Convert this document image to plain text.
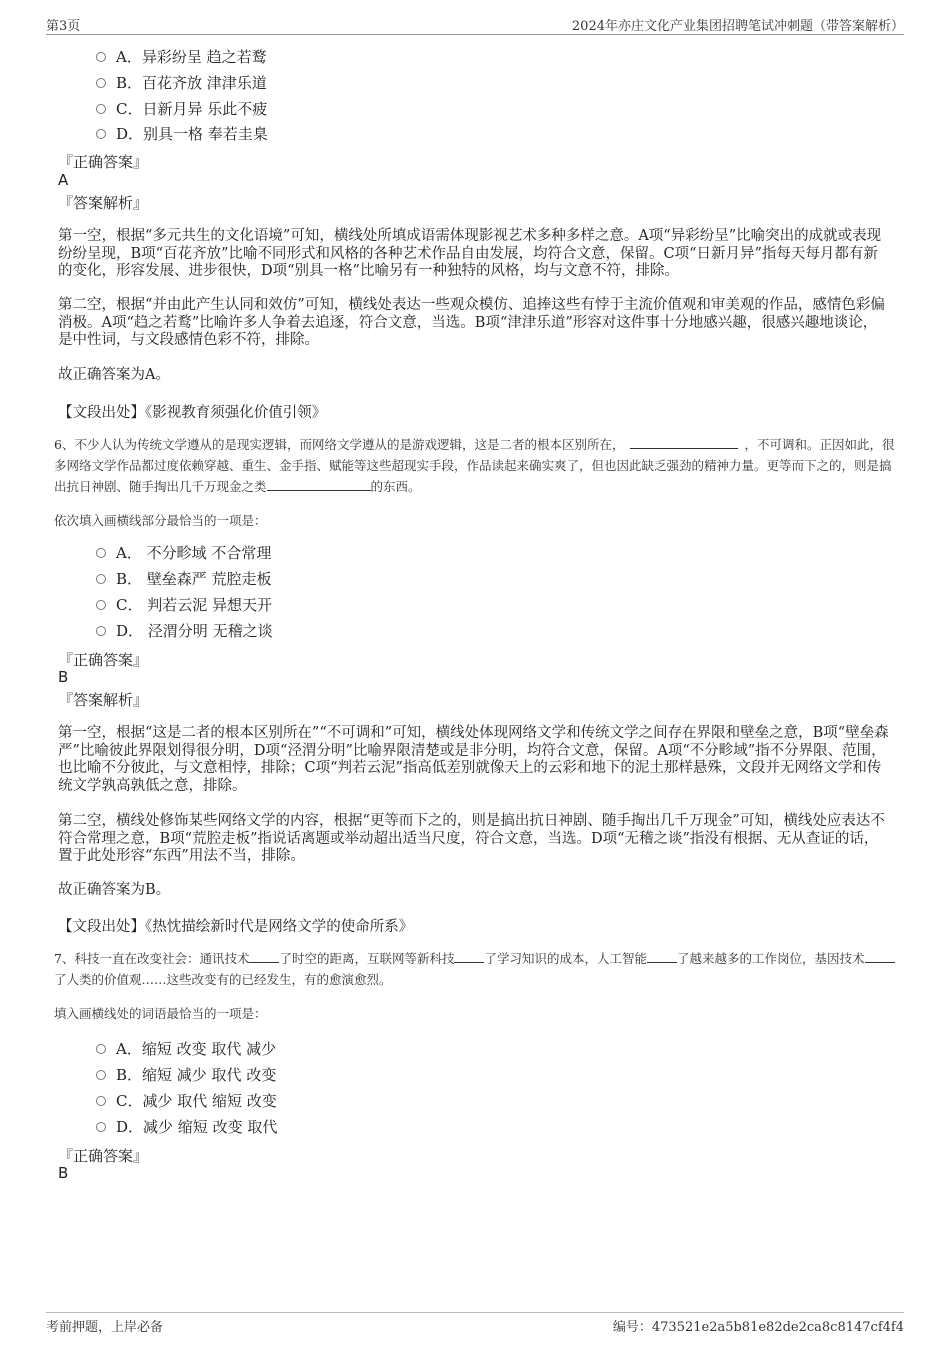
第3页	2024年亦庄文化产业集团招聘笔试冲刺题（带答案解析）
A．异彩纷呈 趋之若鹜
B．百花齐放 津津乐道
C．日新月异 乐此不疲
D．别具一格 奉若圭臬
『正确答案』
A
『答案解析』

第一空，根据“多元共生的文化语境”可知，横线处所填成语需体现影视艺术多种多样之意。A项“异彩纷呈”比喻突出的成就或表现纷纷呈现，B项“百花齐放”比喻不同形式和风格的各种艺术作品自由发展，均符合文意，保留。C项“日新月异”指每天每月都有新的变化，形容发展、进步很快，D项“别具一格”比喻另有一种独特的风格，均与文意不符，排除。

第二空，根据“并由此产生认同和效仿”可知，横线处表达一些观众模仿、追捧这些有悖于主流价值观和审美观的作品，感情色彩偏消极。A项“趋之若鹜”比喻许多人争着去追逐，符合文意，当选。B项“津津乐道”形容对这件事十分地感兴趣，很感兴趣地谈论，是中性词，与文段感情色彩不符，排除。

故正确答案为A。
【文段出处】《影视教育须强化价值引领》

6、不少人认为传统文学遵从的是现实逻辑，而网络文学遵从的是游戏逻辑，这是二者的根本区别所在，	，不可调和。正因如此，很多网络文学作品都过度依赖穿越、重生、金手指、赋能等这些超现实手段，作品读起来确实爽了，但也因此缺乏强劲的精神力量。更等而下之的，则是搞出抗日神剧、随手掏出几千万现金之类	的东西。

依次填入画横线部分最恰当的一项是：
A． 不分畛域 不合常理
B． 壁垒森严 荒腔走板
C． 判若云泥 异想天开
D． 泾渭分明 无稽之谈
『正确答案』
B
『答案解析』

第一空，根据“这是二者的根本区别所在”“不可调和”可知，横线处体现网络文学和传统文学之间存在界限和壁垒之意，B项“壁垒森严”比喻彼此界限划得很分明，D项“泾渭分明”比喻界限清楚或是非分明，均符合文意，保留。A项“不分畛域”指不分界限、范围，也比喻不分彼此，与文意相悖，排除；C项“判若云泥”指高低差别就像天上的云彩和地下的泥土那样悬殊，文段并无网络文学和传统文学孰高孰低之意，排除。

第二空，横线处修饰某些网络文学的内容，根据“更等而下之的，则是搞出抗日神剧、随手掏出几千万现金”可知，横线处应表达不符合常理之意，B项“荒腔走板”指说话离题或举动超出适当尺度，符合文意，当选。D项“无稽之谈”指没有根据、无从查证的话，置于此处形容“东西”用法不当，排除。

故正确答案为B。
【文段出处】《热忱描绘新时代是网络文学的使命所系》

7、科技一直在改变社会：通讯技术 了时空的距离，互联网等新科技 了学习知识的成本，人工智能 了越来越多的工作岗位，基因技术了人类的价值观……这些改变有的已经发生，有的愈演愈烈。

填入画横线处的词语最恰当的一项是：
A．缩短 改变 取代 减少
B．缩短 减少 取代 改变
C．减少 取代 缩短 改变
D．减少 缩短 改变 取代
『正确答案』
B
考前押题，上岸必备	编号：473521e2a5b81e82de2ca8c8147cf4f4
